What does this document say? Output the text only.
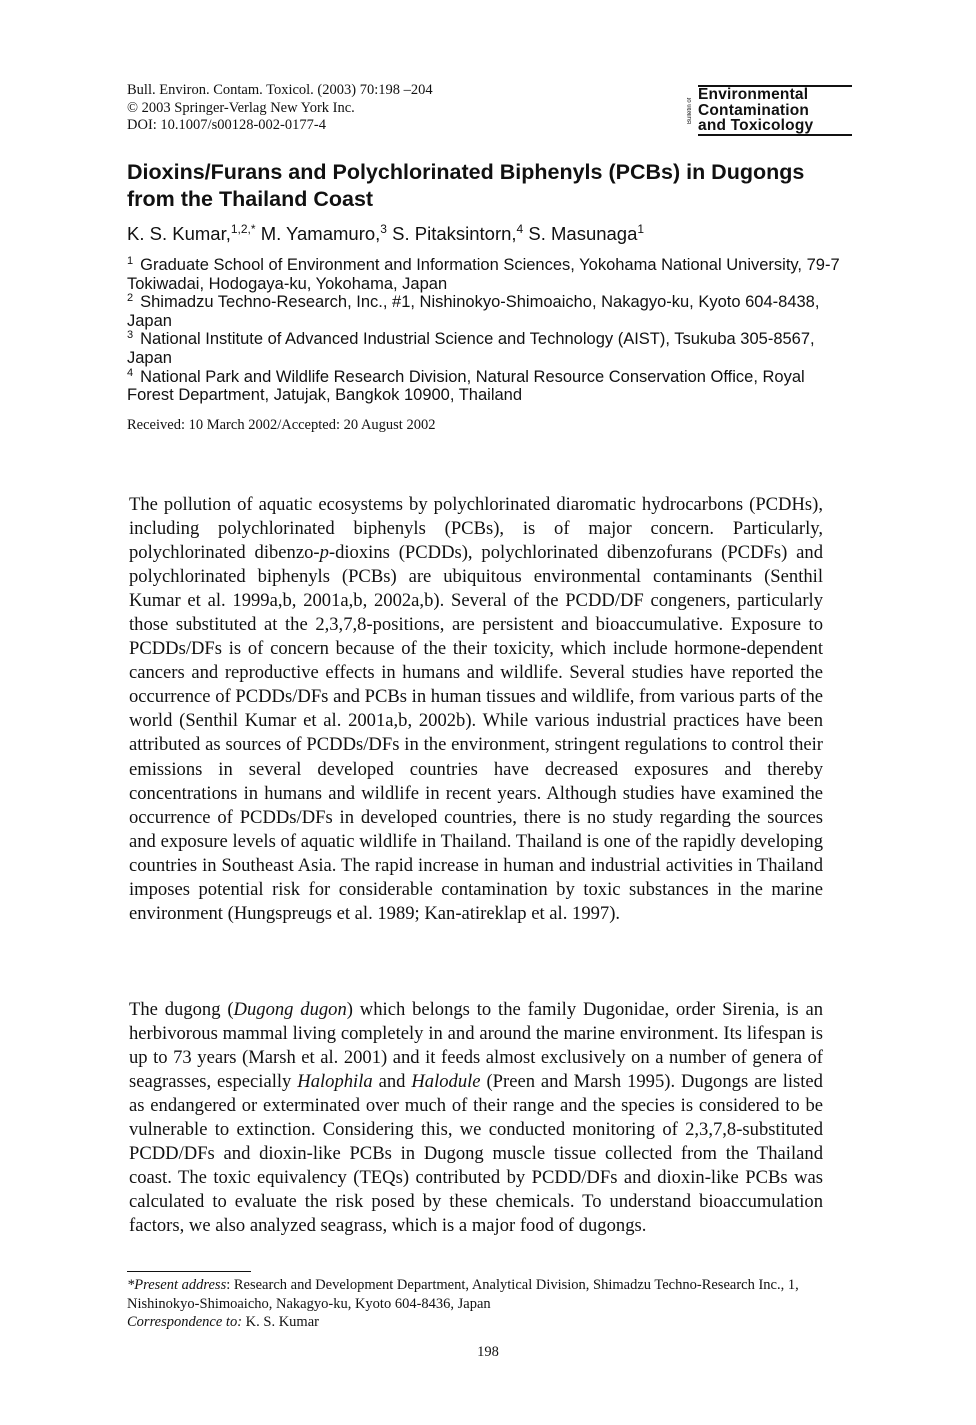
Bull. Environ. Contam. Toxicol. (2003) 70:198 –204
© 2003 Springer-Verlag New York Inc.
DOI: 10.1007/s00128-002-0177-4
Bulletin of
Environmental
Contamination
and Toxicology
Dioxins/Furans and Polychlorinated Biphenyls (PCBs) in Dugongs from the Thailand Coast
K. S. Kumar,$^{1,2,*}$ M. Yamamuro,$^3$ S. Pitaksintorn,$^4$ S. Masunaga$^1$
$^1$ Graduate School of Environment and Information Sciences, Yokohama National University, 79-7 Tokiwadai, Hodogaya-ku, Yokohama, Japan
$^2$ Shimadzu Techno-Research, Inc., #1, Nishinokyo-Shimoaicho, Nakagyo-ku, Kyoto 604-8438, Japan
$^3$ National Institute of Advanced Industrial Science and Technology (AIST), Tsukuba 305-8567, Japan
$^4$ National Park and Wildlife Research Division, Natural Resource Conservation Office, Royal Forest Department, Jatujak, Bangkok 10900, Thailand
Received: 10 March 2002/Accepted: 20 August 2002
The pollution of aquatic ecosystems by polychlorinated diaromatic hydrocarbons (PCDHs), including polychlorinated biphenyls (PCBs), is of major concern. Particularly, polychlorinated dibenzo-p-dioxins (PCDDs), polychlorinated dibenzofurans (PCDFs) and polychlorinated biphenyls (PCBs) are ubiquitous environmental contaminants (Senthil Kumar et al. 1999a,b, 2001a,b, 2002a,b). Several of the PCDD/DF congeners, particularly those substituted at the 2,3,7,8-positions, are persistent and bioaccumulative. Exposure to PCDDs/DFs is of concern because of the their toxicity, which include hormone-dependent cancers and reproductive effects in humans and wildlife. Several studies have reported the occurrence of PCDDs/DFs and PCBs in human tissues and wildlife, from various parts of the world (Senthil Kumar et al. 2001a,b, 2002b). While various industrial practices have been attributed as sources of PCDDs/DFs in the environment, stringent regulations to control their emissions in several developed countries have decreased exposures and thereby concentrations in humans and wildlife in recent years. Although studies have examined the occurrence of PCDDs/DFs in developed countries, there is no study regarding the sources and exposure levels of aquatic wildlife in Thailand. Thailand is one of the rapidly developing countries in Southeast Asia. The rapid increase in human and industrial activities in Thailand imposes potential risk for considerable contamination by toxic substances in the marine environment (Hungspreugs et al. 1989; Kan-atireklap et al. 1997).
The dugong (Dugong dugon) which belongs to the family Dugonidae, order Sirenia, is an herbivorous mammal living completely in and around the marine environment. Its lifespan is up to 73 years (Marsh et al. 2001) and it feeds almost exclusively on a number of genera of seagrasses, especially Halophila and Halodule (Preen and Marsh 1995). Dugongs are listed as endangered or exterminated over much of their range and the species is considered to be vulnerable to extinction. Considering this, we conducted monitoring of 2,3,7,8-substituted PCDD/DFs and dioxin-like PCBs in Dugong muscle tissue collected from the Thailand coast. The toxic equivalency (TEQs) contributed by PCDD/DFs and dioxin-like PCBs was calculated to evaluate the risk posed by these chemicals. To understand bioaccumulation factors, we also analyzed seagrass, which is a major food of dugongs.
*Present address: Research and Development Department, Analytical Division, Shimadzu Techno-Research Inc., 1, Nishinokyo-Shimoaicho, Nakagyo-ku, Kyoto 604-8436, Japan
Correspondence to: K. S. Kumar
198
